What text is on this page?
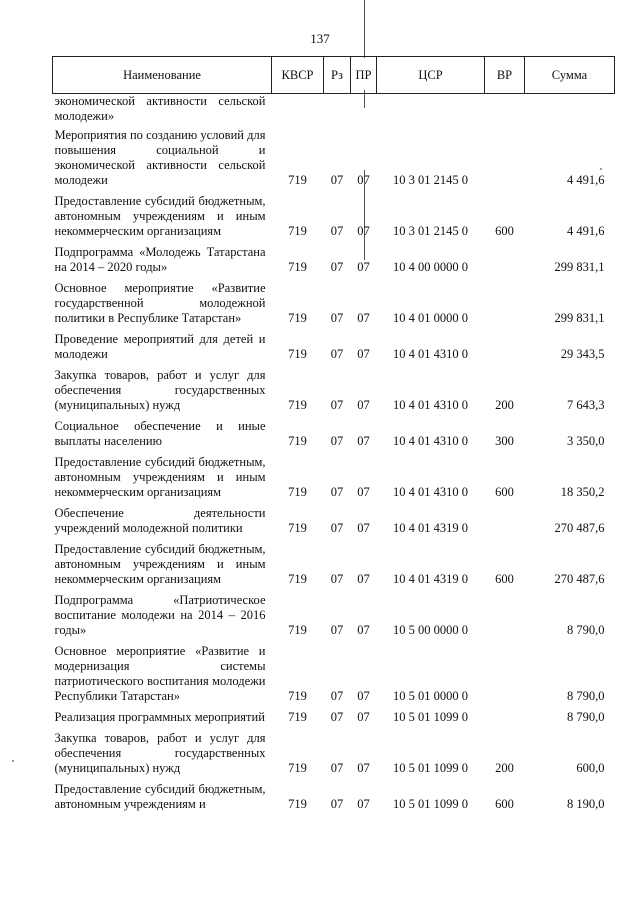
137
Наименование	КВСР	Рз	ПР	ЦСР	ВР	Сумма
экономической активности сельской молодежи»						
Мероприятия по созданию условий для повышения социальной и экономической активности сельской молодежи	719	07	07	10 3 01 2145 0		4 491,6
Предоставление субсидий бюджетным, автономным учреждениям и иным некоммерческим организациям	719	07	07	10 3 01 2145 0	600	4 491,6
Подпрограмма «Молодежь Татарстана на 2014 – 2020 годы»	719	07	07	10 4 00 0000 0		299 831,1
Основное мероприятие «Развитие государственной молодежной политики в Республике Татарстан»	719	07	07	10 4 01 0000 0		299 831,1
Проведение мероприятий для детей и молодежи	719	07	07	10 4 01 4310 0		29 343,5
Закупка товаров, работ и услуг для обеспечения государственных (муниципальных) нужд	719	07	07	10 4 01 4310 0	200	7 643,3
Социальное обеспечение и иные выплаты населению	719	07	07	10 4 01 4310 0	300	3 350,0
Предоставление субсидий бюджетным, автономным учреждениям и иным некоммерческим организациям	719	07	07	10 4 01 4310 0	600	18 350,2
Обеспечение деятельности учреждений молодежной политики	719	07	07	10 4 01 4319 0		270 487,6
Предоставление субсидий бюджетным, автономным учреждениям и иным некоммерческим организациям	719	07	07	10 4 01 4319 0	600	270 487,6
Подпрограмма «Патриотическое воспитание молодежи на 2014 – 2016 годы»	719	07	07	10 5 00 0000 0		8 790,0
Основное мероприятие «Развитие и модернизация системы патриотического воспитания молодежи Республики Татарстан»	719	07	07	10 5 01 0000 0		8 790,0
Реализация программных мероприятий	719	07	07	10 5 01 1099 0		8 790,0
Закупка товаров, работ и услуг для обеспечения государственных (муниципальных) нужд	719	07	07	10 5 01 1099 0	200	600,0
Предоставление субсидий бюджетным, автономным учреждениям и	719	07	07	10 5 01 1099 0	600	8 190,0
